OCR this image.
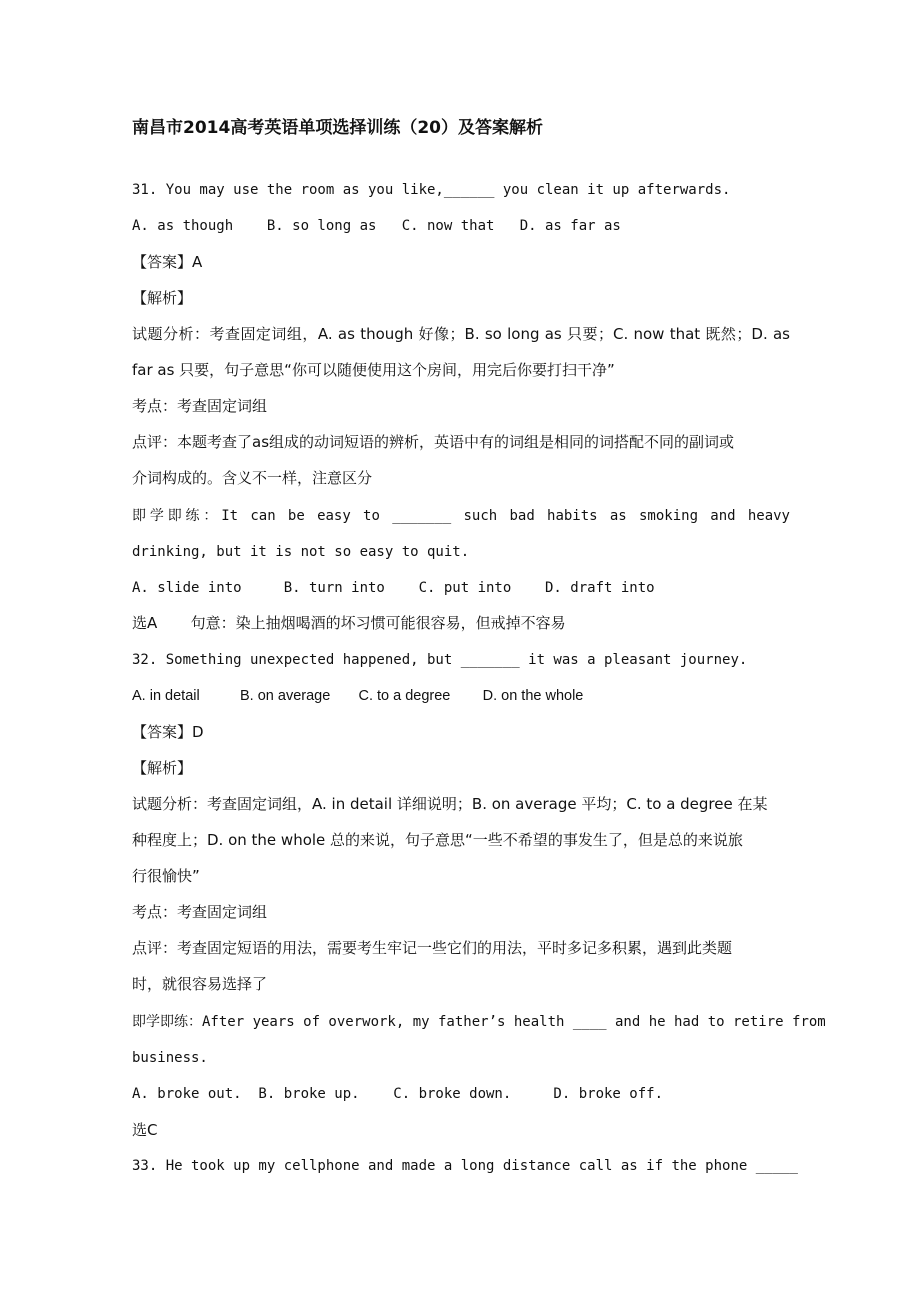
南昌市2014高考英语单项选择训练（20）及答案解析
31. You may use the room as you like,______ you clean it up afterwards.
A. as though    B. so long as   C. now that   D. as far as
【答案】A
【解析】
试题分析：考查固定词组，A. as though 好像；B. so long as 只要；C. now that 既然；D. as
far as 只要，句子意思“你可以随便使用这个房间，用完后你要打扫干净”
考点：考查固定词组
点评：本题考查了as组成的动词短语的辨析，英语中有的词组是相同的词搭配不同的副词或
介词构成的。含义不一样，注意区分
即学即练：It can be easy to _______ such bad habits as smoking and heavy
drinking, but it is not so easy to quit.
A. slide into     B. turn into    C. put into    D. draft into
选A       句意：染上抽烟喝酒的坏习惯可能很容易，但戒掉不容易
32. Something unexpected happened, but _______ it was a pleasant journey.
A. in detail          B. on average       C. to a degree        D. on the whole
【答案】D
【解析】
试题分析：考查固定词组，A. in detail 详细说明；B. on average 平均；C. to a degree 在某
种程度上；D. on the whole 总的来说，句子意思“一些不希望的事发生了，但是总的来说旅
行很愉快”
考点：考查固定词组
点评：考查固定短语的用法，需要考生牢记一些它们的用法，平时多记多积累，遇到此类题
时，就很容易选择了
即学即练：After years of overwork, my father’s health ____ and he had to retire from
business.
A. broke out.  B. broke up.    C. broke down.     D. broke off.
选C
33. He took up my cellphone and made a long distance call as if the phone _____
